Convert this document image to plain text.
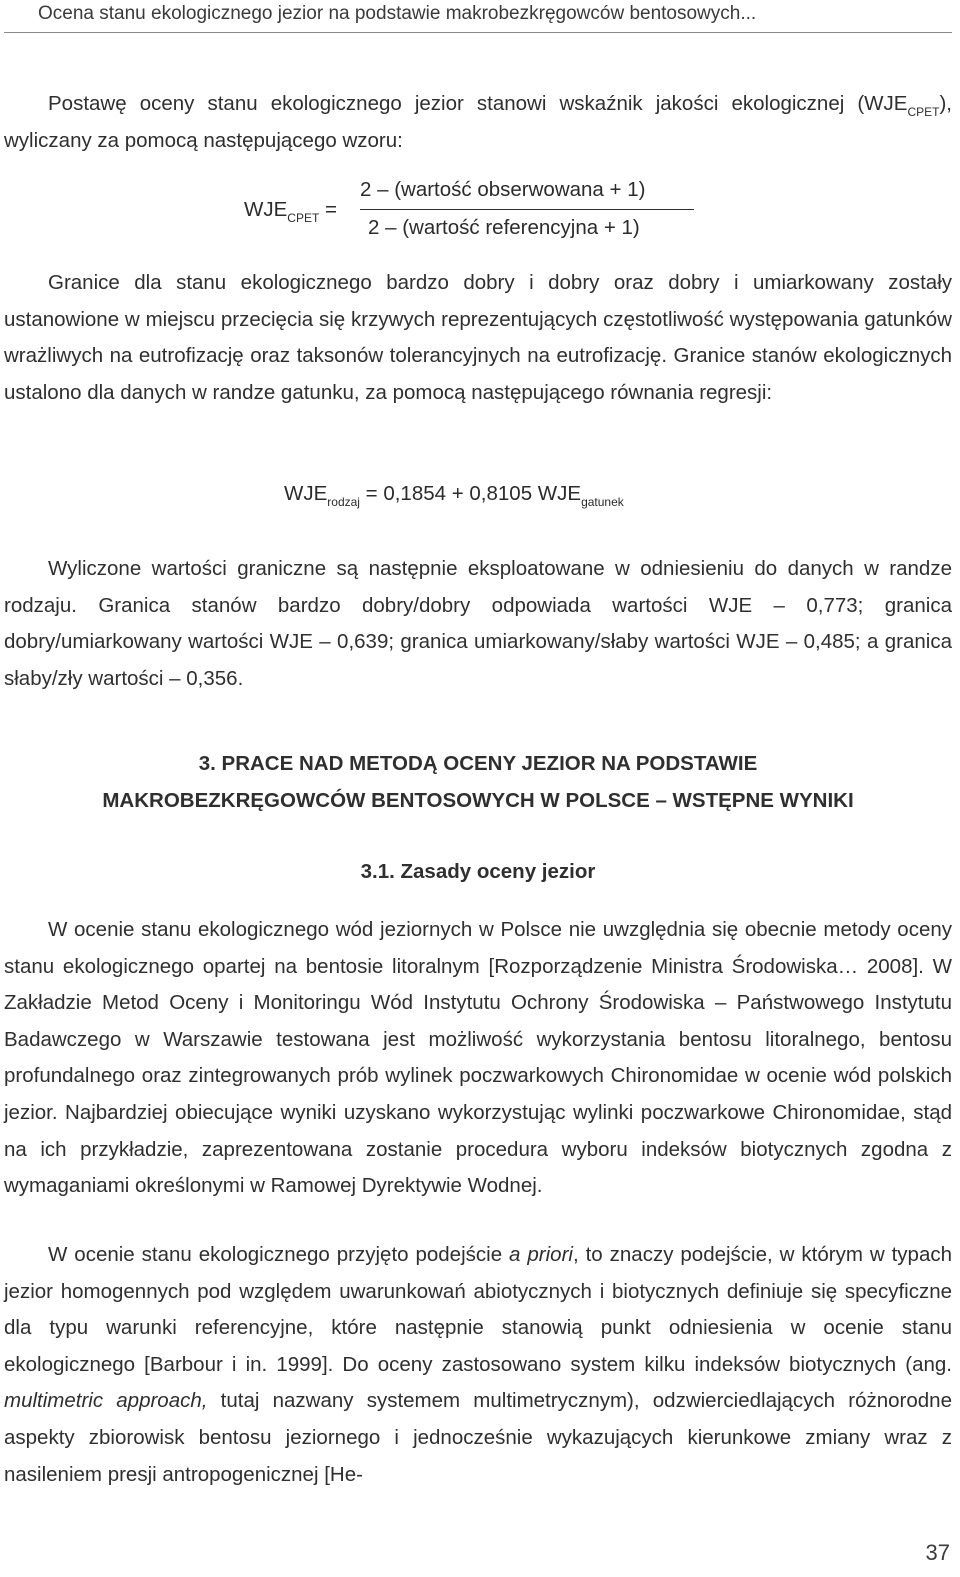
Ocena stanu ekologicznego jezior na podstawie makrobezkręgowców bentosowych...
Postawę oceny stanu ekologicznego jezior stanowi wskaźnik jakości ekologicznej $(WJE_{CPET})$, wyliczany za pomocą następującego wzoru:
$WJE_{CPET}$ =
2 – (wartość obserwowana + 1)
2 – (wartość referencyjna + 1)
Granice dla stanu ekologicznego bardzo dobry i dobry oraz dobry i umiarkowany zostały ustanowione w miejscu przecięcia się krzywych reprezentujących częstotliwość występowania gatunków wrażliwych na eutrofizację oraz taksonów tolerancyjnych na eutrofizację. Granice stanów ekologicznych ustalono dla danych w randze gatunku, za pomocą następującego równania regresji:
$WJE_{rodzaj} = 0,1854 + 0,8105$ $WJE_{gatunek}$
Wyliczone wartości graniczne są następnie eksploatowane w odniesieniu do danych w randze rodzaju. Granica stanów bardzo dobry/dobry odpowiada wartości WJE – 0,773; granica dobry/umiarkowany wartości WJE – 0,639; granica umiarkowany/słaby wartości WJE – 0,485; a granica słaby/zły wartości – 0,356.
3. PRACE NAD METODĄ OCENY JEZIOR NA PODSTAWIE
MAKROBEZKRĘGOWCÓW BENTOSOWYCH W POLSCE – WSTĘPNE WYNIKI
3.1. Zasady oceny jezior
W ocenie stanu ekologicznego wód jeziornych w Polsce nie uwzględnia się obecnie metody oceny stanu ekologicznego opartej na bentosie litoralnym [Rozporządzenie Ministra Środowiska… 2008]. W Zakładzie Metod Oceny i Monitoringu Wód Instytutu Ochrony Środowiska – Państwowego Instytutu Badawczego w Warszawie testowana jest możliwość wykorzystania bentosu litoralnego, bentosu profundalnego oraz zintegrowanych prób wylinek poczwarkowych Chironomidae w ocenie wód polskich jezior. Najbardziej obiecujące wyniki uzyskano wykorzystując wylinki poczwarkowe Chironomidae, stąd na ich przykładzie, zaprezentowana zostanie procedura wyboru indeksów biotycznych zgodna z wymaganiami określonymi w Ramowej Dyrektywie Wodnej.
W ocenie stanu ekologicznego przyjęto podejście a priori, to znaczy podejście, w którym w typach jezior homogennych pod względem uwarunkowań abiotycznych i biotycznych definiuje się specyficzne dla typu warunki referencyjne, które następnie stanowią punkt odniesienia w ocenie stanu ekologicznego [Barbour i in. 1999]. Do oceny zastosowano system kilku indeksów biotycznych (ang. multimetric approach, tutaj nazwany systemem multimetrycznym), odzwierciedlających różnorodne aspekty zbiorowisk bentosu jeziornego i jednocześnie wykazujących kierunkowe zmiany wraz z nasileniem presji antropogenicznej [He-
37
